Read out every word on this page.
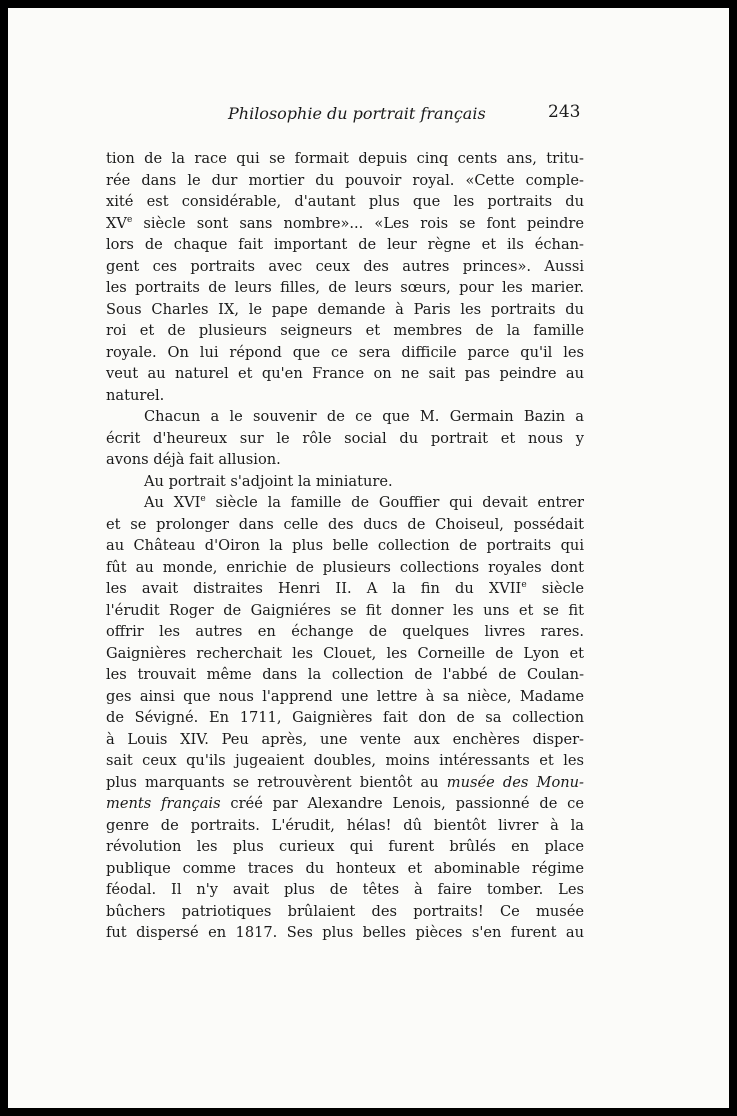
Philosophie du portrait français	243
tion de la race qui se formait depuis cinq cents ans, tritu-
rée dans le dur mortier du pouvoir royal. «Cette comple-
xité est considérable, d'autant plus que les portraits du
XVe siècle sont sans nombre»... «Les rois se font peindre
lors de chaque fait important de leur règne et ils échan-
gent ces portraits avec ceux des autres princes». Aussi
les portraits de leurs filles, de leurs sœurs, pour les marier.
Sous Charles IX, le pape demande à Paris les portraits du
roi et de plusieurs seigneurs et membres de la famille
royale. On lui répond que ce sera difficile parce qu'il les
veut au naturel et qu'en France on ne sait pas peindre au
naturel.
Chacun a le souvenir de ce que M. Germain Bazin a
écrit d'heureux sur le rôle social du portrait et nous y
avons déjà fait allusion.
Au portrait s'adjoint la miniature.
Au XVIe siècle la famille de Gouffier qui devait entrer
et se prolonger dans celle des ducs de Choiseul, possédait
au Château d'Oiron la plus belle collection de portraits qui
fût au monde, enrichie de plusieurs collections royales dont
les avait distraites Henri II. A la fin du XVIIe siècle
l'érudit Roger de Gaigniéres se fit donner les uns et se fit
offrir les autres en échange de quelques livres rares.
Gaignières recherchait les Clouet, les Corneille de Lyon et
les trouvait même dans la collection de l'abbé de Coulan-
ges ainsi que nous l'apprend une lettre à sa nièce, Madame
de Sévigné. En 1711, Gaignières fait don de sa collection
à Louis XIV. Peu après, une vente aux enchères disper-
sait ceux qu'ils jugeaient doubles, moins intéressants et les
plus marquants se retrouvèrent bientôt au musée des Monu-
ments français créé par Alexandre Lenois, passionné de ce
genre de portraits. L'érudit, hélas! dû bientôt livrer à la
révolution les plus curieux qui furent brûlés en place
publique comme traces du honteux et abominable régime
féodal. Il n'y avait plus de têtes à faire tomber. Les
bûchers patriotiques brûlaient des portraits! Ce musée
fut dispersé en 1817. Ses plus belles pièces s'en furent au
